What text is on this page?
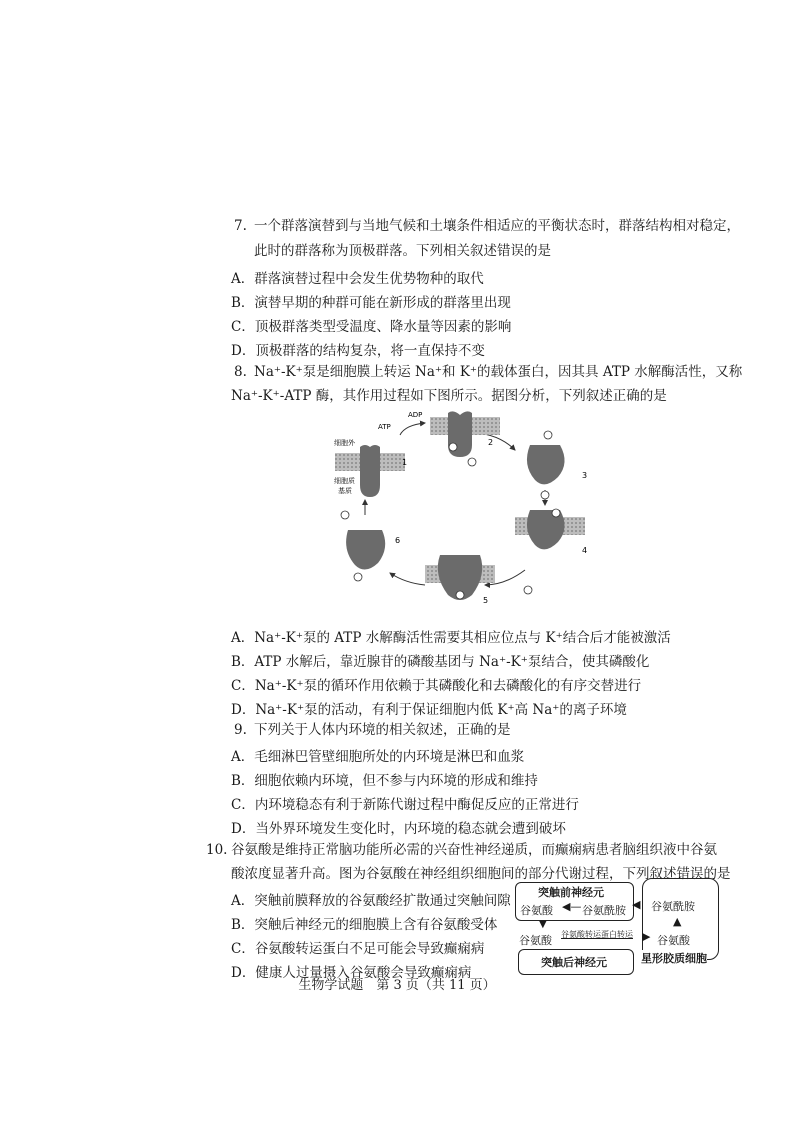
7. 一个群落演替到与当地气候和土壤条件相适应的平衡状态时，群落结构相对稳定，
此时的群落称为顶极群落。下列相关叙述错误的是
A．群落演替过程中会发生优势物种的取代
B．演替早期的种群可能在新形成的群落里出现
C．顶极群落类型受温度、降水量等因素的影响
D．顶极群落的结构复杂，将一直保持不变
8. Na⁺-K⁺泵是细胞膜上转运 Na⁺和 K⁺的载体蛋白，因其具 ATP 水解酶活性，又称
Na⁺-K⁺-ATP 酶，其作用过程如下图所示。据图分析，下列叙述正确的是
ADP
ATP
细胞外
细胞质
基质
1
2
3
4
5
6
A．Na⁺-K⁺泵的 ATP 水解酶活性需要其相应位点与 K⁺结合后才能被激活
B．ATP 水解后，靠近腺苷的磷酸基团与 Na⁺-K⁺泵结合，使其磷酸化
C．Na⁺-K⁺泵的循环作用依赖于其磷酸化和去磷酸化的有序交替进行
D．Na⁺-K⁺泵的活动，有利于保证细胞内低 K⁺高 Na⁺的离子环境
9. 下列关于人体内环境的相关叙述，正确的是
A．毛细淋巴管壁细胞所处的内环境是淋巴和血浆
B．细胞依赖内环境，但不参与内环境的形成和维持
C．内环境稳态有利于新陈代谢过程中酶促反应的正常进行
D．当外界环境发生变化时，内环境的稳态就会遭到破坏
10. 谷氨酸是维持正常脑功能所必需的兴奋性神经递质，而癫痫病患者脑组织液中谷氨
酸浓度显著升高。图为谷氨酸在神经组织细胞间的部分代谢过程，下列叙述错误的是
A．突触前膜释放的谷氨酸经扩散通过突触间隙
B．突触后神经元的细胞膜上含有谷氨酸受体
C．谷氨酸转运蛋白不足可能会导致癫痫病
D．健康人过量摄入谷氨酸会导致癫痫病
突触前神经元
谷氨酸 ◀— 谷氨酰胺 谷氨酰胺
▲
谷氨酸
星形胶质细胞
◀
▼
谷氨酸 谷氨酸转运蛋白转运 ▶
突触后神经元
生物学试题　第 3 页（共 11 页）
